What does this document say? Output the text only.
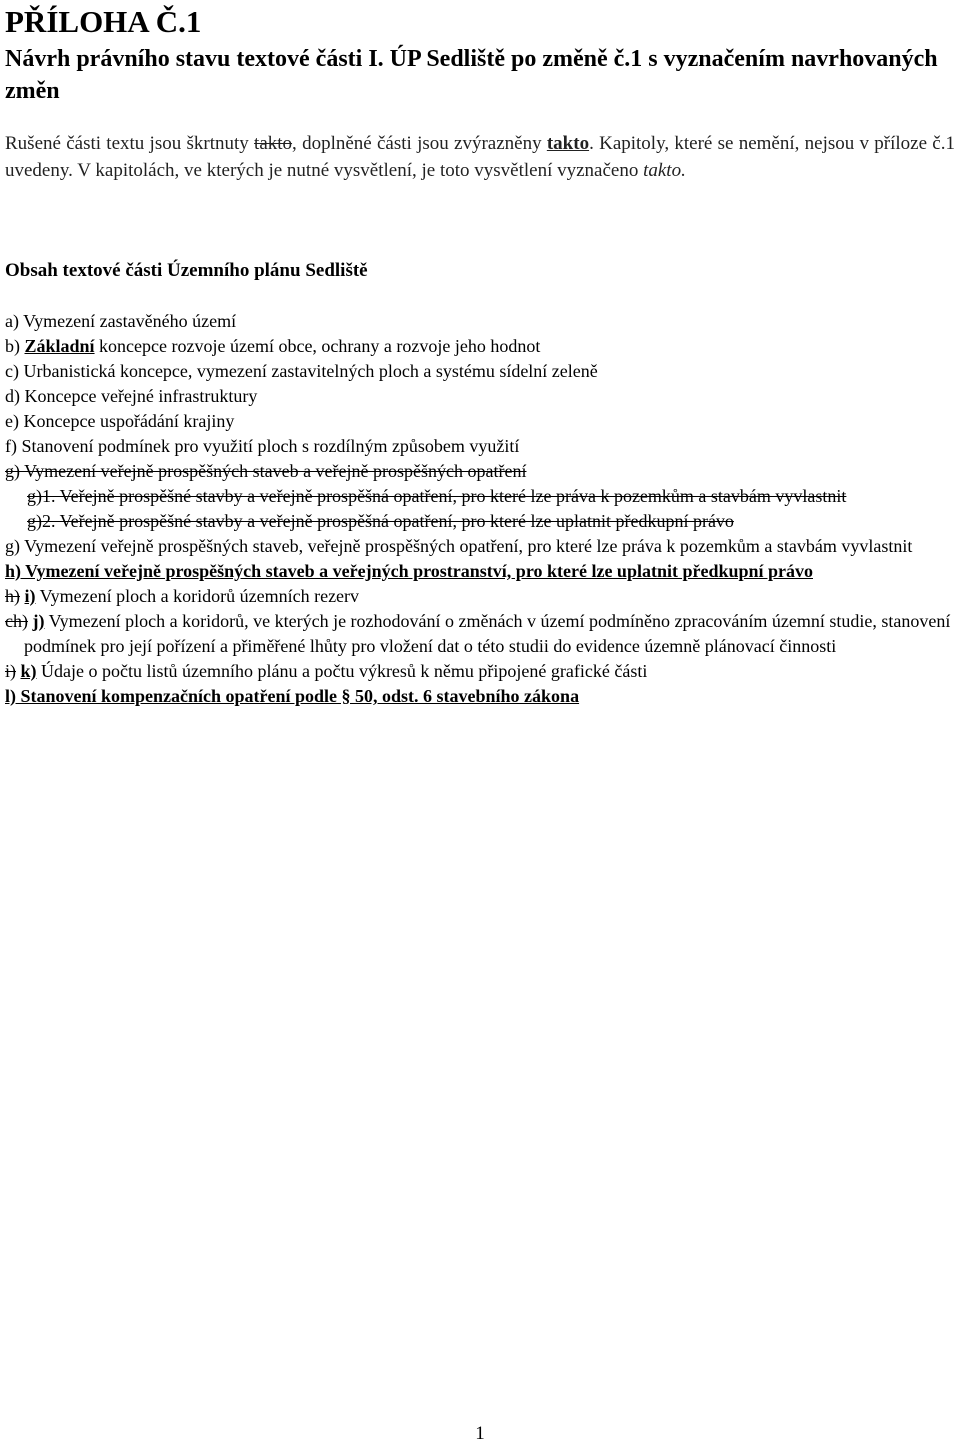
PŘÍLOHA Č.1
Návrh právního stavu textové části I. ÚP Sedliště po změně č.1 s vyznačením navrhovaných změn
Rušené části textu jsou škrtnuty takto, doplněné části jsou zvýrazněny takto. Kapitoly, které se nemění, nejsou v příloze č.1 uvedeny. V kapitolách, ve kterých je nutné vysvětlení, je toto vysvětlení vyznačeno takto.
Obsah textové části Územního plánu Sedliště
a) Vymezení zastavěného území
b) Základní koncepce rozvoje území obce, ochrany a rozvoje jeho hodnot
c) Urbanistická koncepce, vymezení zastavitelných ploch a systému sídelní zeleně
d) Koncepce veřejné infrastruktury
e) Koncepce uspořádání krajiny
f) Stanovení podmínek pro využití ploch s rozdílným způsobem využití
g) Vymezení veřejně prospěšných staveb a veřejně prospěšných opatření
g)1. Veřejně prospěšné stavby a veřejně prospěšná opatření, pro které lze práva k pozemkům a stavbám vyvlastnit
g)2. Veřejně prospěšné stavby a veřejně prospěšná opatření, pro které lze uplatnit předkupní právo
g) Vymezení veřejně prospěšných staveb, veřejně prospěšných opatření, pro které lze práva k pozemkům a stavbám vyvlastnit
h) Vymezení veřejně prospěšných staveb a veřejných prostranství, pro které lze uplatnit předkupní právo
h) i) Vymezení ploch a koridorů územních rezerv
ch) j) Vymezení ploch a koridorů, ve kterých je rozhodování o změnách v území podmíněno zpracováním územní studie, stanovení podmínek pro její pořízení a přiměřené lhůty pro vložení dat o této studii do evidence územně plánovací činnosti
i) k) Údaje o počtu listů územního plánu a počtu výkresů k němu připojené grafické části
l) Stanovení kompenzačních opatření podle § 50, odst. 6 stavebního zákona
1
